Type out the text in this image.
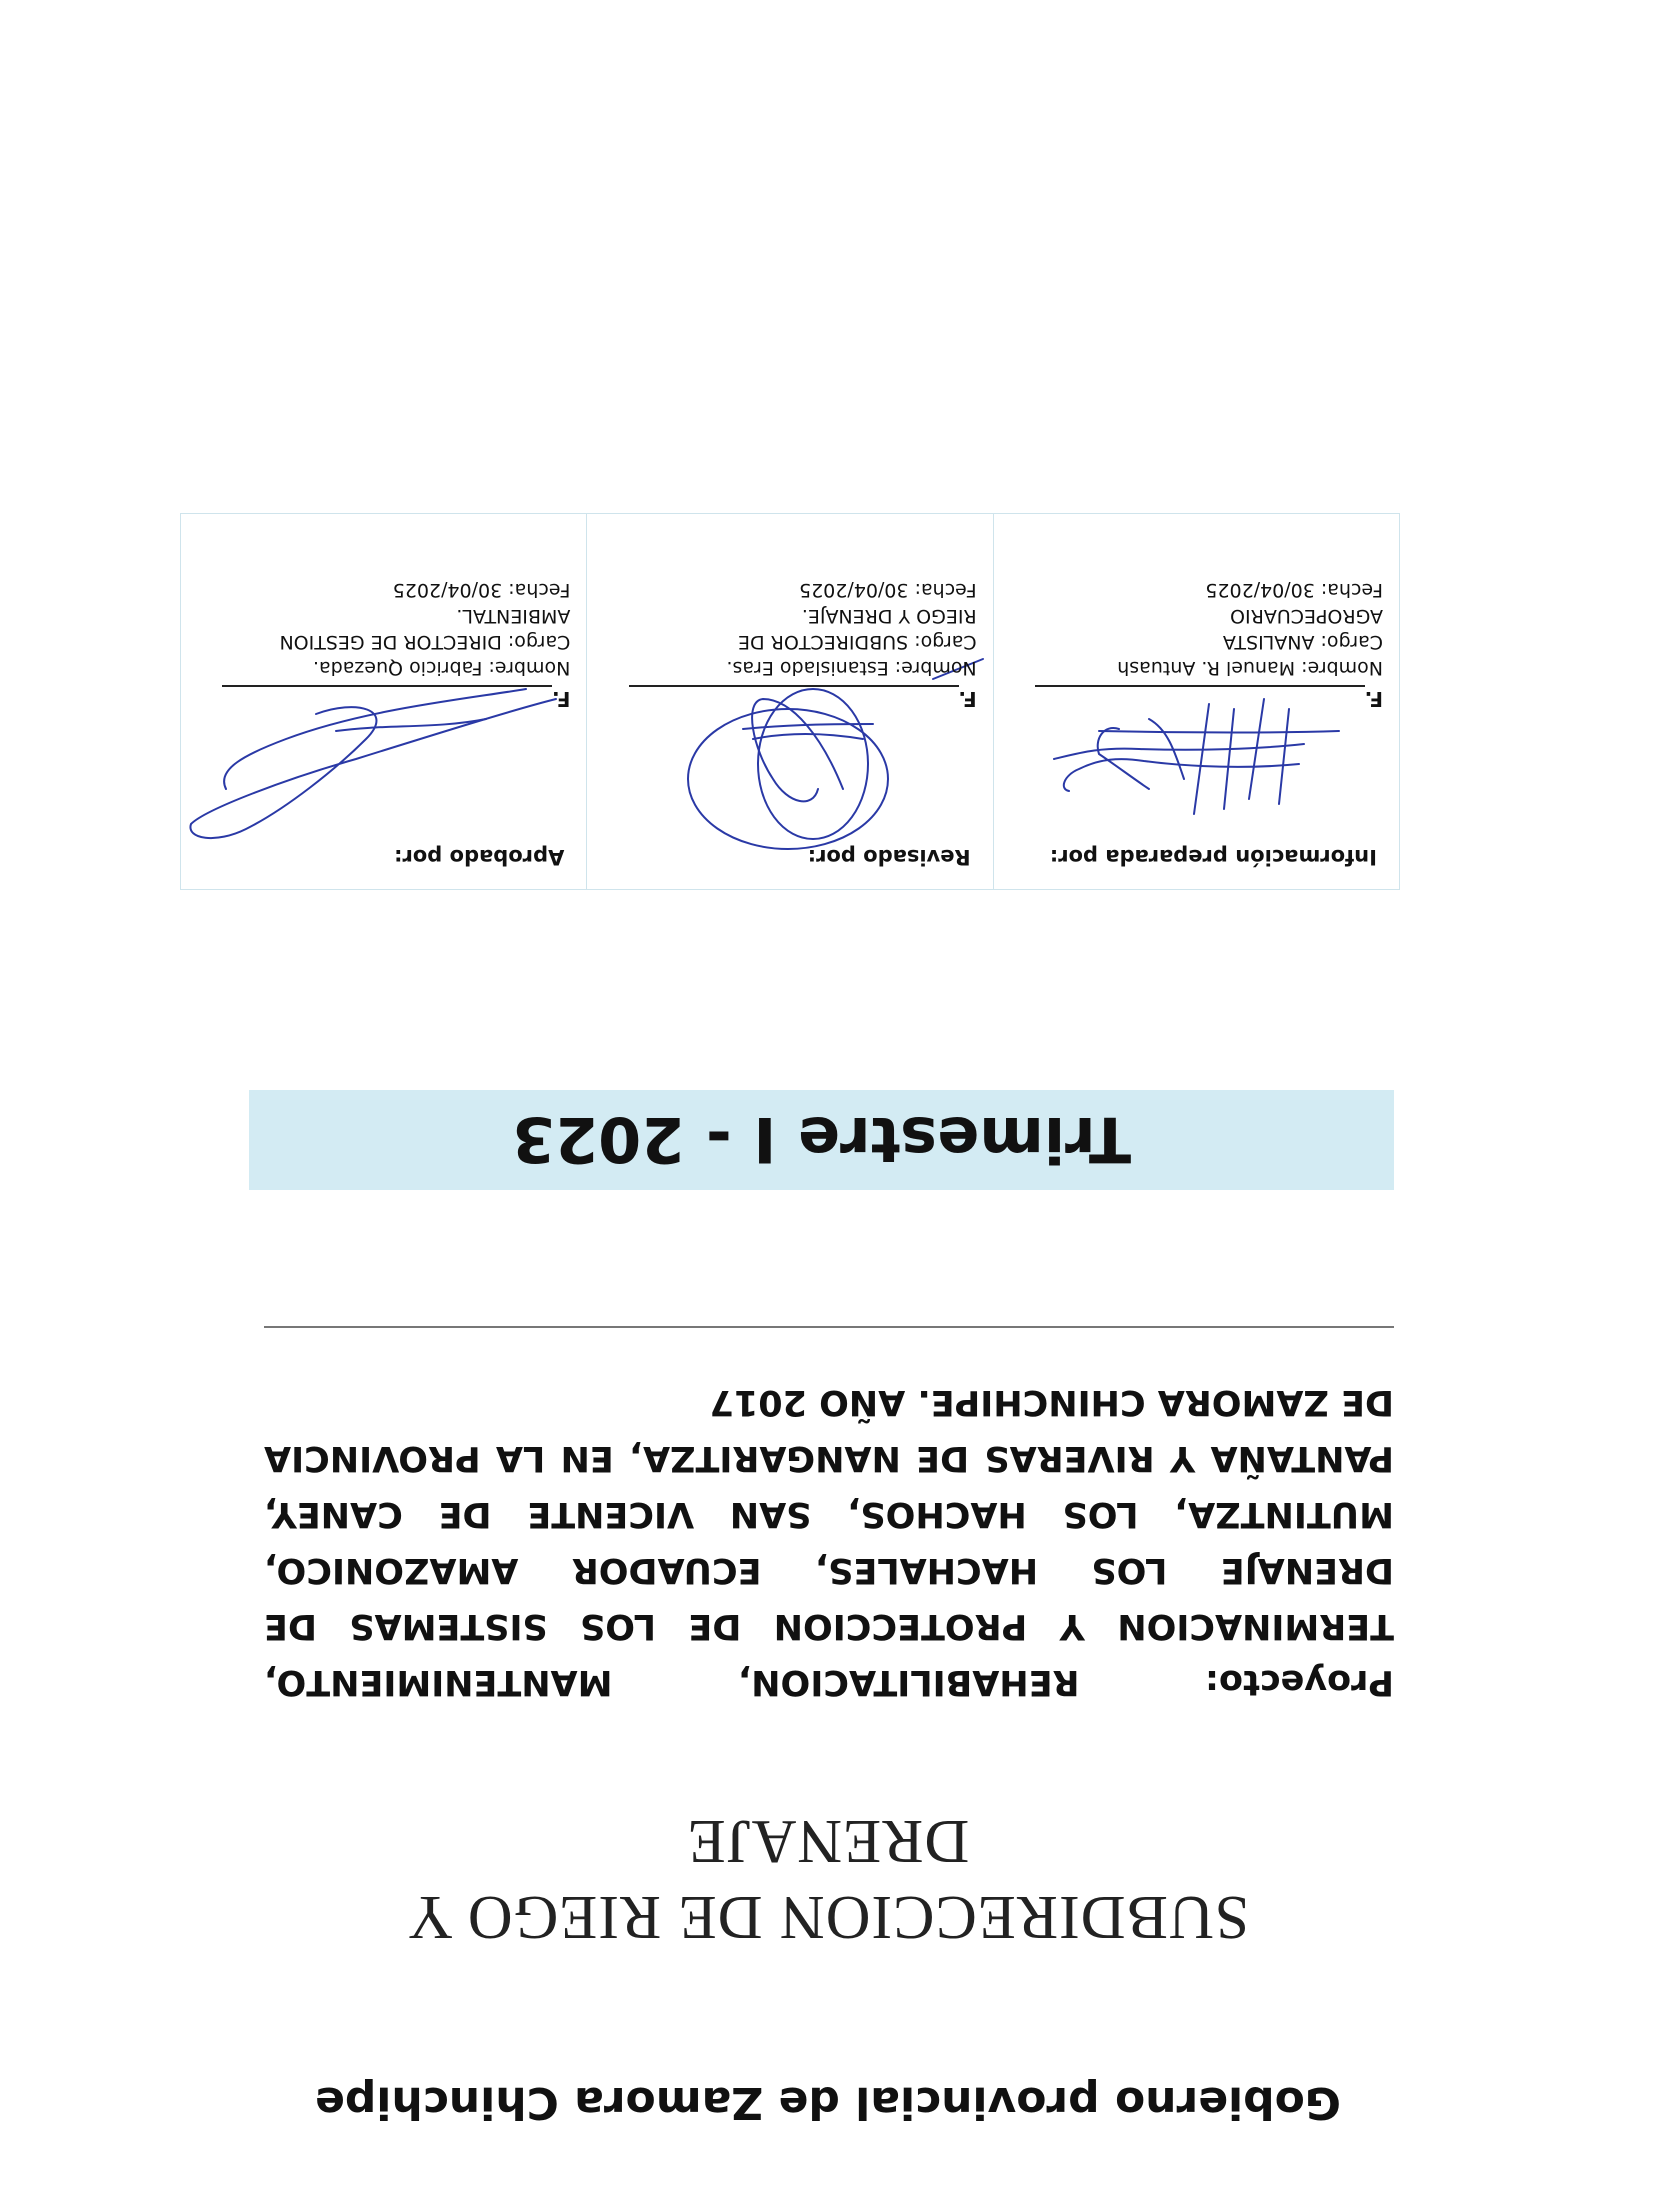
Gobierno provincial de Zamora Chinchipe
SUBDIRECCION DE RIEGO Y
DRENAJE
Proyecto: REHABILITACION, MANTENIMIENTO, TERMINACION Y PROTECCION DE LOS SISTEMAS DE DRENAJE LOS HACHALES, ECUADOR AMAZONICO, MUTINTZA, LOS HACHOS, SAN VICENTE DE CANEY, PANTAÑA Y RIVERAS DE NANGARITZA, EN LA PROVINCIA DE ZAMORA CHINCHIPE. AÑO 2017
Trimestre I - 2023
Información preparada por:
F.
Nombre: Manuel R. Antuash
Cargo: ANALISTA
AGROPECUARIO
Fecha: 30/04/2025
Revisado por:
F.
Nombre: Estanislado Eras.
Cargo: SUBDIRECTOR DE
RIEGO Y DRENAJE.
Fecha: 30/04/2025
Aprobado por:
F.
Nombre: Fabricio Quezada.
Cargo: DIRECTOR DE GESTION
AMBIENTAL.
Fecha: 30/04/2025
